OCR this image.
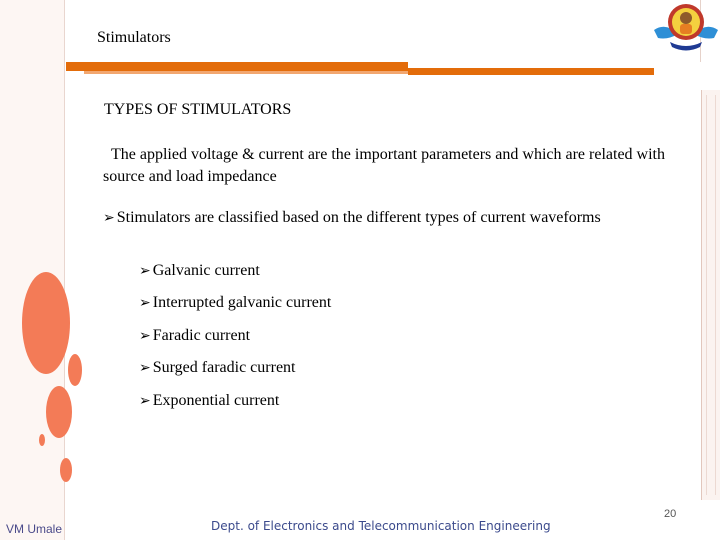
Stimulators
TYPES OF STIMULATORS
The applied voltage & current are the important parameters and which are related with source and load impedance
➢ Stimulators are classified based on the different types of current waveforms
➢ Galvanic current
➢ Interrupted galvanic current
➢ Faradic current
➢ Surged faradic current
➢ Exponential current
VM Umale	Dept. of Electronics and Telecommunication Engineering
20
